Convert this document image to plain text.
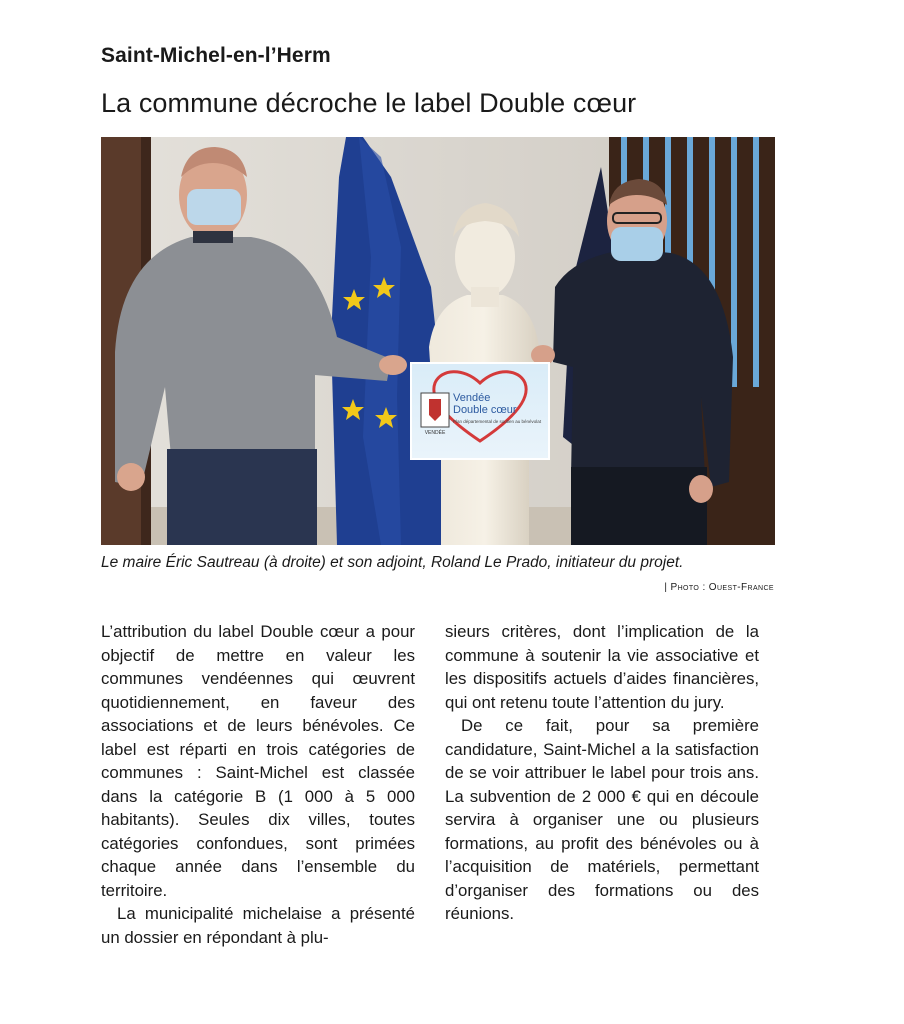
Saint-Michel-en-l’Herm
La commune décroche le label Double cœur
VENDÉE
Vendée
Double cœur
Plan départemental de soutien au bénévolat

Le maire Éric Sautreau (à droite) et son adjoint, Roland Le Prado, initiateur du projet.

| Photo : Ouest-France

L’attribution du label Double cœur a pour objectif de mettre en valeur les communes vendéennes qui œuvrent quotidiennement, en faveur des associations et de leurs bénévoles. Ce label est réparti en trois catégories de communes : Saint-Michel est classée dans la catégorie B (1 000 à 5 000 habitants). Seules dix villes, toutes catégories confondues, sont primées chaque année dans l’ensemble du territoire.

La municipalité michelaise a présenté un dossier en répondant à plu-

sieurs critères, dont l’implication de la commune à soutenir la vie associative et les dispositifs actuels d’aides financières, qui ont retenu toute l’attention du jury.

De ce fait, pour sa première candidature, Saint-Michel a la satisfaction de se voir attribuer le label pour trois ans. La subvention de 2 000 € qui en découle servira à organiser une ou plusieurs formations, au profit des bénévoles ou à l’acquisition de matériels, permettant d’organiser des formations ou des réunions.
